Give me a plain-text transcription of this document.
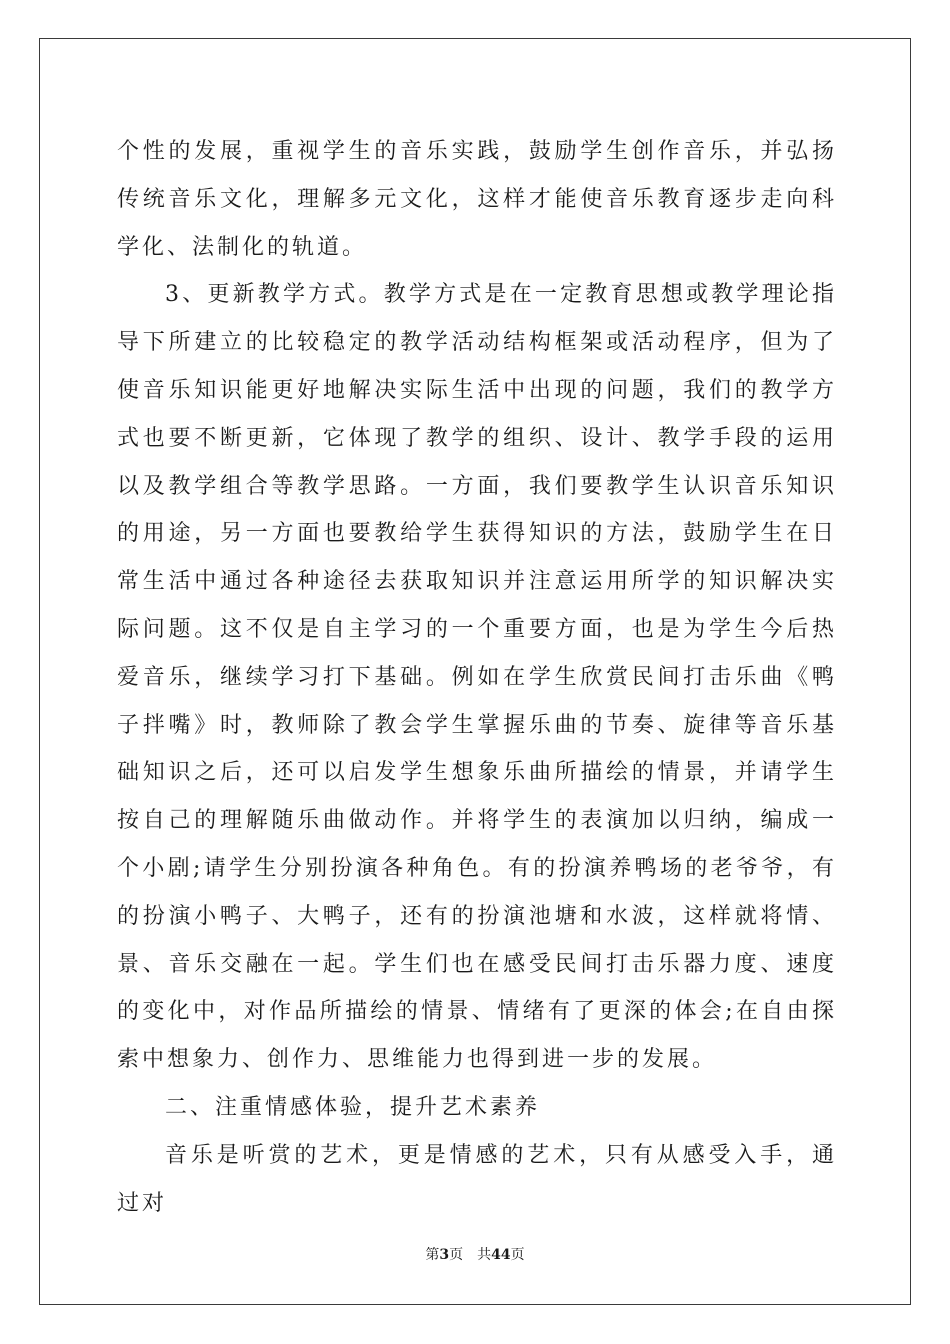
个性的发展，重视学生的音乐实践，鼓励学生创作音乐，并弘扬传统音乐文化，理解多元文化，这样才能使音乐教育逐步走向科学化、法制化的轨道。

3、更新教学方式。教学方式是在一定教育思想或教学理论指导下所建立的比较稳定的教学活动结构框架或活动程序，但为了使音乐知识能更好地解决实际生活中出现的问题，我们的教学方式也要不断更新，它体现了教学的组织、设计、教学手段的运用以及教学组合等教学思路。一方面，我们要教学生认识音乐知识的用途，另一方面也要教给学生获得知识的方法，鼓励学生在日常生活中通过各种途径去获取知识并注意运用所学的知识解决实际问题。这不仅是自主学习的一个重要方面，也是为学生今后热爱音乐，继续学习打下基础。例如在学生欣赏民间打击乐曲《鸭子拌嘴》时，教师除了教会学生掌握乐曲的节奏、旋律等音乐基础知识之后，还可以启发学生想象乐曲所描绘的情景，并请学生按自己的理解随乐曲做动作。并将学生的表演加以归纳，编成一个小剧;请学生分别扮演各种角色。有的扮演养鸭场的老爷爷，有的扮演小鸭子、大鸭子，还有的扮演池塘和水波，这样就将情、景、音乐交融在一起。学生们也在感受民间打击乐器力度、速度的变化中，对作品所描绘的情景、情绪有了更深的体会;在自由探索中想象力、创作力、思维能力也得到进一步的发展。

二、注重情感体验，提升艺术素养

音乐是听赏的艺术，更是情感的艺术，只有从感受入手，通过对

第3页 共44页
